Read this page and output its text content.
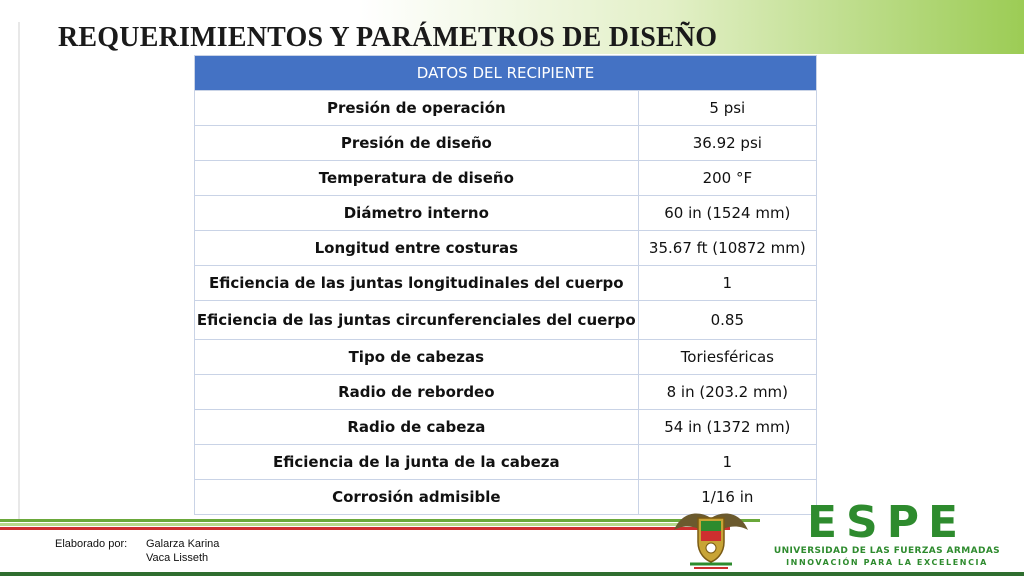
REQUERIMIENTOS Y PARÁMETROS DE DISEÑO
DATOS DEL RECIPIENTE	
Presión de operación	5 psi
Presión de diseño	36.92 psi
Temperatura de diseño	200 °F
Diámetro interno	60 in (1524 mm)
Longitud entre costuras	35.67 ft (10872 mm)
Eficiencia de las juntas longitudinales del cuerpo	1
Eficiencia de las juntas circunferenciales del cuerpo	0.85
Tipo de cabezas	Toriesféricas
Radio de rebordeo	8 in (203.2 mm)
Radio de cabeza	54 in (1372 mm)
Eficiencia de la junta de la cabeza	1
Corrosión admisible	1/16 in
Elaborado por: Galarza Karina
Vaca Lisseth
ESPE
UNIVERSIDAD DE LAS FUERZAS ARMADAS
INNOVACIÓN PARA LA EXCELENCIA
